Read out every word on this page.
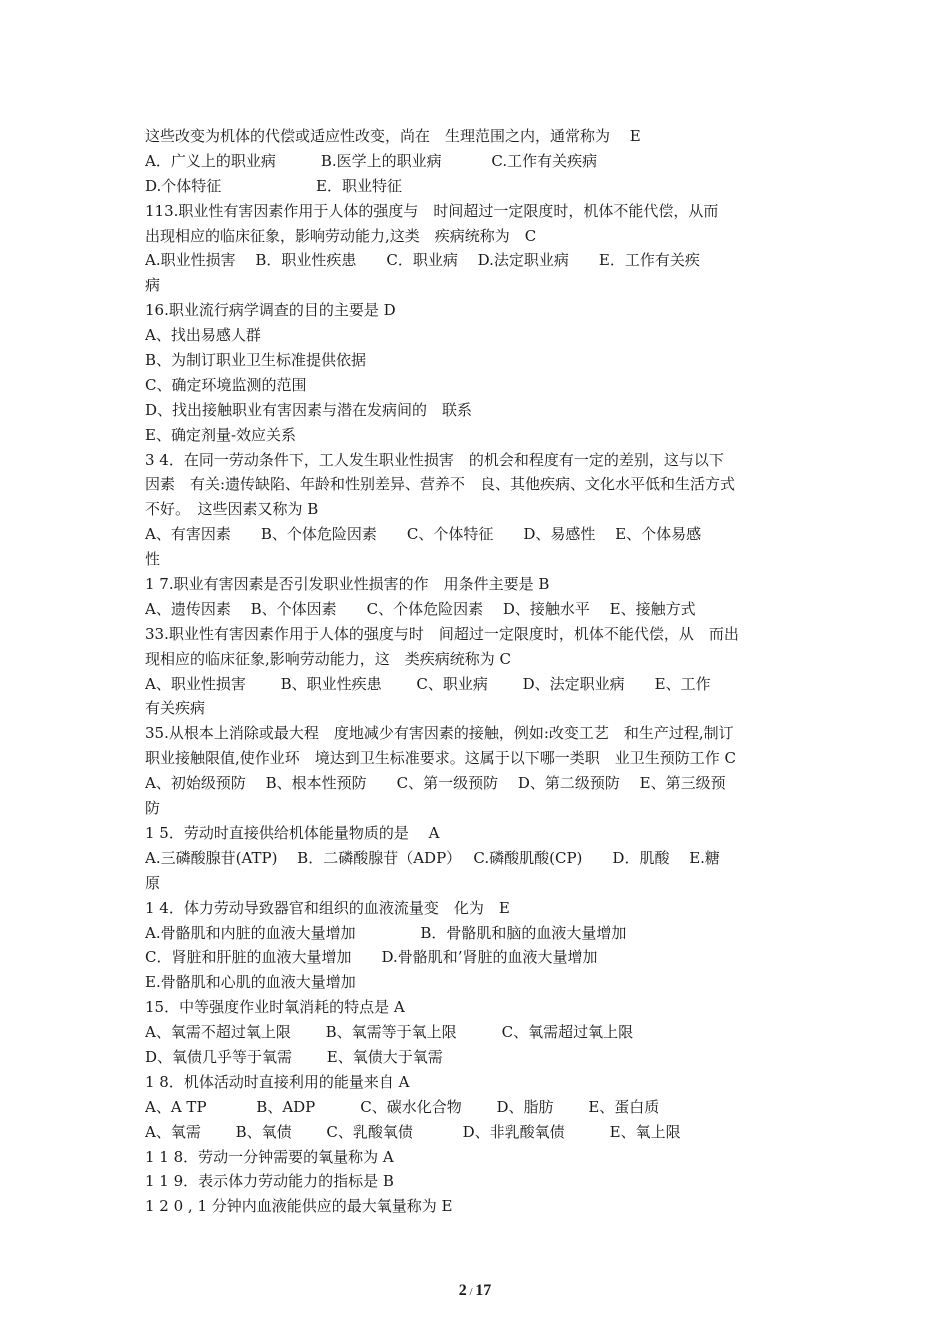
这些改变为机体的代偿或适应性改变，尚在　生理范围之内，通常称为　 E
A．广义上的职业病　　　B.医学上的职业病　　　 C.工作有关疾病
D.个体特征　　　　　　 E．职业特征
113.职业性有害因素作用于人体的强度与　时间超过一定限度时，机体不能代偿，从而
出现相应的临床征象，影响劳动能力,这类　疾病统称为　C
A.职业性损害　 B．职业性疾患　　C．职业病　 D.法定职业病　　E．工作有关疾
病
16.职业流行病学调查的目的主要是 D
A、找出易感人群
B、为制订职业卫生标准提供依据
C、确定环境监测的范围
D、找出接触职业有害因素与潜在发病间的　联系
E、确定剂量-效应关系
3 4．在同一劳动条件下，工人发生职业性损害　的机会和程度有一定的差别，这与以下
因素　有关:遗传缺陷、年龄和性别差异、营养不　良、其他疾病、文化水平低和生活方式
不好。　这些因素又称为 B
A、有害因素　　B、个体危险因素　　C、个体特征　　D、易感性　 E、个体易感
性
1 7.职业有害因素是否引发职业性损害的作　用条件主要是 B
A、遗传因素　 B、个体因素　　C、个体危险因素　 D、接触水平　 E、接触方式
33.职业性有害因素作用于人体的强度与时　间超过一定限度时，机体不能代偿，从　而出
现相应的临床征象,影响劳动能力，这　类疾病统称为 C
A、职业性损害　　 B、职业性疾患　　 C、职业病　　 D、法定职业病　　E、工作
有关疾病
35.从根本上消除或最大程　度地减少有害因素的接触，例如:改变工艺　和生产过程,制订
职业接触限值,使作业环　境达到卫生标准要求。这属于以下哪一类职　业卫生预防工作 C
A、初始级预防　 B、根本性预防　　C、第一级预防　 D、第二级预防　 E、第三级预
防
1 5．劳动时直接供给机体能量物质的是　 A
A.三磷酸腺苷(ATP)　 B．二磷酸腺苷（ADP）　 C.磷酸肌酸(CP)　　D．肌酸　 E.糖
原
1 4．体力劳动导致器官和组织的血液流量变　化为　E
A.骨骼肌和内脏的血液大量增加　　　　 B．骨骼肌和脑的血液大量增加
C．肾脏和肝脏的血液大量增加　　D.骨骼肌和’肾脏的血液大量增加
E.骨骼肌和心肌的血液大量增加
15．中等强度作业时氧消耗的特点是 A
A、氧需不超过氧上限　　 B、氧需等于氧上限　　　C、氧需超过氧上限
D、氧债几乎等于氧需　　 E、氧债大于氧需
1 8．机体活动时直接利用的能量来自 A
A、A TP　　　 B、ADP　　　C、碳水化合物　　 D、脂肪　　 E、蛋白质
A、氧需　　 B、氧债　　 C、乳酸氧债　　　 D、非乳酸氧债　　　E、氧上限
1 1 8．劳动一分钟需要的氧量称为 A
1 1 9．表示体力劳动能力的指标是 B
1 2 0 , 1 分钟内血液能供应的最大氧量称为 E
2 / 17
